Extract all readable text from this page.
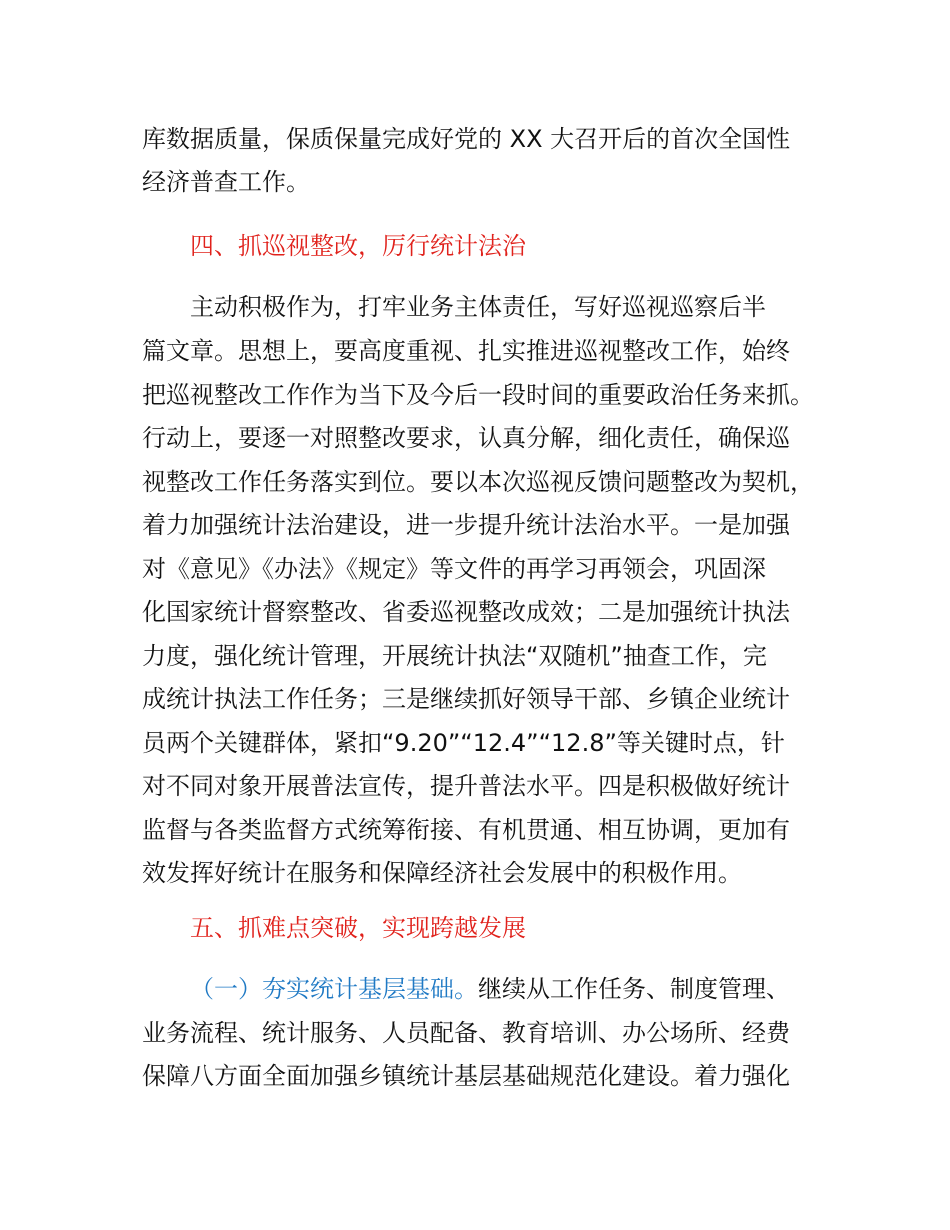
库数据质量，保质保量完成好党的 XX 大召开后的首次全国性
经济普查工作。
四、抓巡视整改，厉行统计法治
主动积极作为，打牢业务主体责任，写好巡视巡察后半
篇文章。思想上，要高度重视、扎实推进巡视整改工作，始终
把巡视整改工作作为当下及今后一段时间的重要政治任务来抓。
行动上，要逐一对照整改要求，认真分解，细化责任，确保巡
视整改工作任务落实到位。要以本次巡视反馈问题整改为契机，
着力加强统计法治建设，进一步提升统计法治水平。一是加强
对《意见》《办法》《规定》等文件的再学习再领会，巩固深
化国家统计督察整改、省委巡视整改成效；二是加强统计执法
力度，强化统计管理，开展统计执法“双随机”抽查工作，完
成统计执法工作任务；三是继续抓好领导干部、乡镇企业统计
员两个关键群体，紧扣“9.20”“12.4”“12.8”等关键时点，针
对不同对象开展普法宣传，提升普法水平。四是积极做好统计
监督与各类监督方式统筹衔接、有机贯通、相互协调，更加有
效发挥好统计在服务和保障经济社会发展中的积极作用。
五、抓难点突破，实现跨越发展
（一）夯实统计基层基础。继续从工作任务、制度管理、
业务流程、统计服务、人员配备、教育培训、办公场所、经费
保障八方面全面加强乡镇统计基层基础规范化建设。着力强化
